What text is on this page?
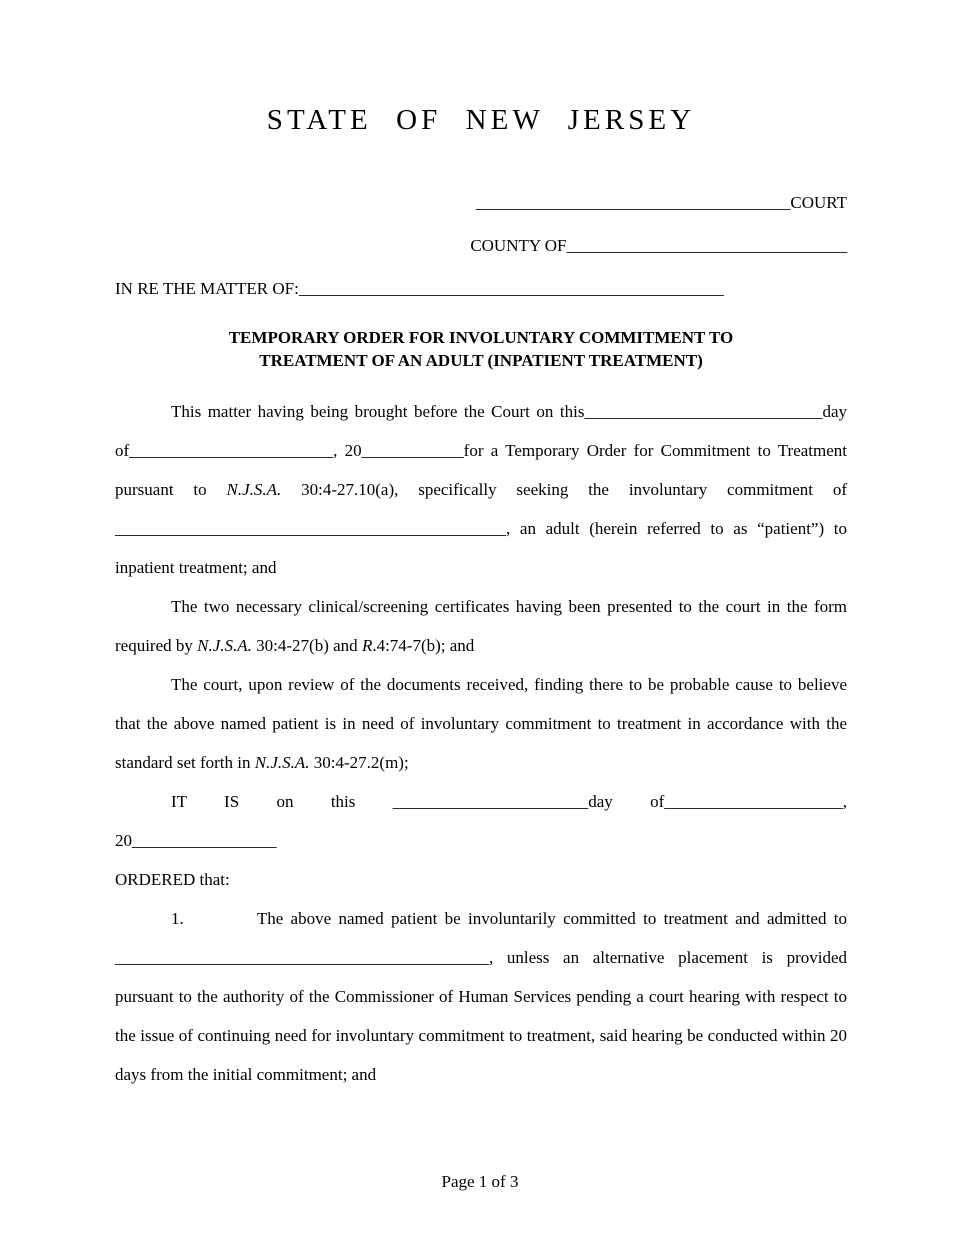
STATE OF NEW JERSEY
_____________________________________COURT
COUNTY OF_________________________________
IN RE THE MATTER OF:__________________________________________________
TEMPORARY ORDER FOR INVOLUNTARY COMMITMENT TO
TREATMENT OF AN ADULT (INPATIENT TREATMENT)

This matter having being brought before the Court on this____________________________day of________________________, 20____________for a Temporary Order for Commitment to Treatment pursuant to N.J.S.A. 30:4-27.10(a), specifically seeking the involuntary commitment of ______________________________________________, an adult (herein referred to as “patient”) to inpatient treatment; and

The two necessary clinical/screening certificates having been presented to the court in the form required by N.J.S.A. 30:4-27(b) and R.4:74-7(b); and

The court, upon review of the documents received, finding there to be probable cause to believe that the above named patient is in need of involuntary commitment to treatment in accordance with the standard set forth in N.J.S.A. 30:4-27.2(m);

IT IS on this _______________________day of_____________________, 20_________________

ORDERED that:

1.	The above named patient be involuntarily committed to treatment and admitted to ____________________________________________, unless an alternative placement is provided pursuant to the authority of the Commissioner of Human Services pending a court hearing with respect to the issue of continuing need for involuntary commitment to treatment, said hearing be conducted within 20 days from the initial commitment; and

Page 1 of 3
